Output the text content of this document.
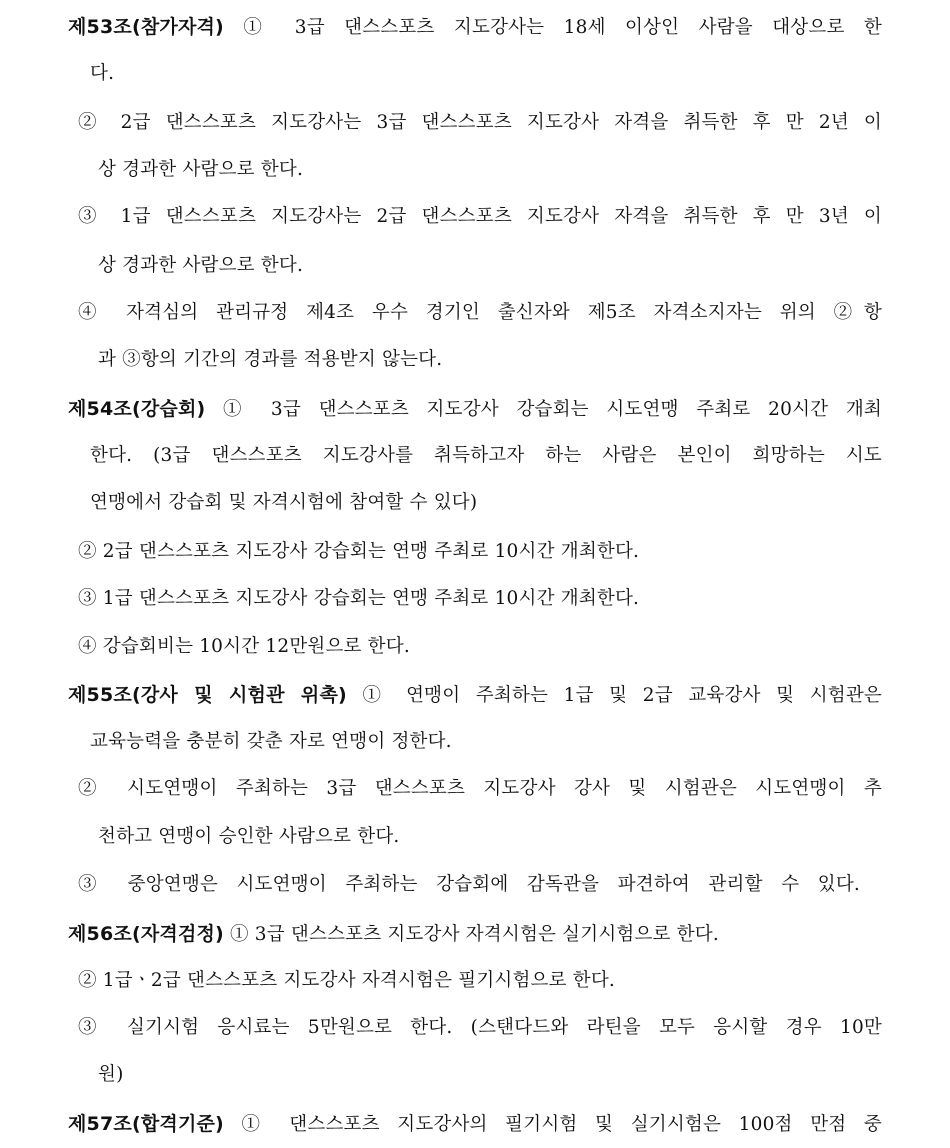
제53조(참가자격) ① 3급 댄스스포츠 지도강사는 18세 이상인 사람을 대상으로 한
다.
② 2급 댄스스포츠 지도강사는 3급 댄스스포츠 지도강사 자격을 취득한 후 만 2년 이
상 경과한 사람으로 한다.
③ 1급 댄스스포츠 지도강사는 2급 댄스스포츠 지도강사 자격을 취득한 후 만 3년 이
상 경과한 사람으로 한다.
④ 자격심의 관리규정 제4조 우수 경기인 출신자와 제5조 자격소지자는 위의 ②항
과 ③항의 기간의 경과를 적용받지 않는다.
제54조(강습회) ① 3급 댄스스포츠 지도강사 강습회는 시도연맹 주최로 20시간 개최
한다. (3급 댄스스포츠 지도강사를 취득하고자 하는 사람은 본인이 희망하는 시도
연맹에서 강습회 및 자격시험에 참여할 수 있다)
② 2급 댄스스포츠 지도강사 강습회는 연맹 주최로 10시간 개최한다.
③ 1급 댄스스포츠 지도강사 강습회는 연맹 주최로 10시간 개최한다.
④ 강습회비는 10시간 12만원으로 한다.
제55조(강사 및 시험관 위촉) ① 연맹이 주최하는 1급 및 2급 교육강사 및 시험관은
교육능력을 충분히 갖춘 자로 연맹이 정한다.
② 시도연맹이 주최하는 3급 댄스스포츠 지도강사 강사 및 시험관은 시도연맹이 추
천하고 연맹이 승인한 사람으로 한다.
③ 중앙연맹은 시도연맹이 주최하는 강습회에 감독관을 파견하여 관리할 수 있다.
제56조(자격검정) ① 3급 댄스스포츠 지도강사 자격시험은 실기시험으로 한다.
② 1급ㆍ2급 댄스스포츠 지도강사 자격시험은 필기시험으로 한다.
③ 실기시험 응시료는 5만원으로 한다. (스탠다드와 라틴을 모두 응시할 경우 10만
원)
제57조(합격기준) ① 댄스스포츠 지도강사의 필기시험 및 실기시험은 100점 만점 중
